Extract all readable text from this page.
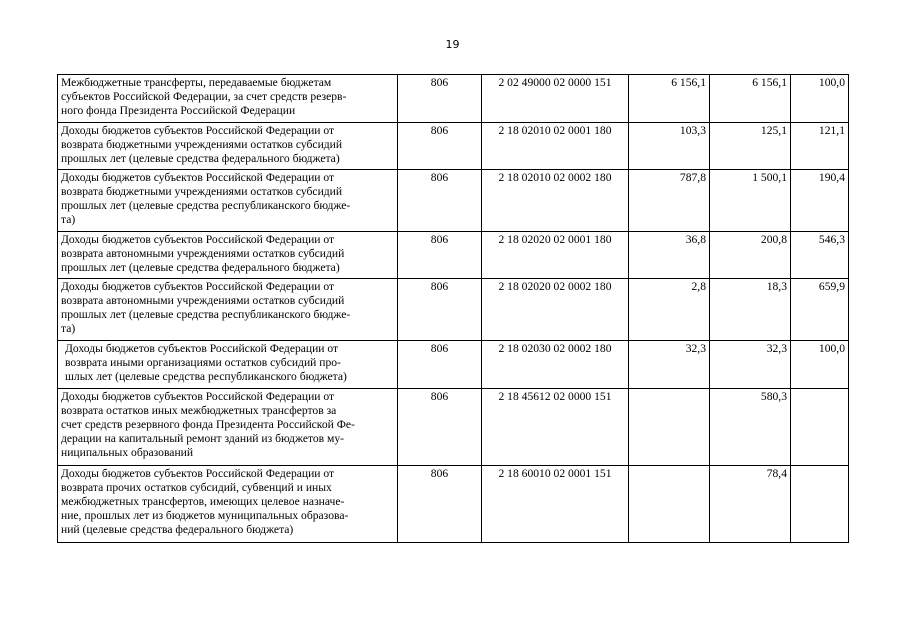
19
Межбюджетные трансферты, передаваемые бюджетам
субъектов Российской Федерации, за счет средств резерв-
ного фонда Президента Российской Федерации	806	2 02 49000 02 0000 151	6 156,1	6 156,1	100,0

Доходы бюджетов субъектов Российской Федерации от
возврата бюджетными учреждениями остатков субсидий
прошлых лет (целевые средства федерального бюджета)	806	2 18 02010 02 0001 180	103,3	125,1	121,1

Доходы бюджетов субъектов Российской Федерации от
возврата бюджетными учреждениями остатков субсидий
прошлых лет (целевые средства республиканского бюдже-
та)	806	2 18 02010 02 0002 180	787,8	1 500,1	190,4

Доходы бюджетов субъектов Российской Федерации от
возврата автономными учреждениями остатков субсидий
прошлых лет (целевые средства федерального бюджета)	806	2 18 02020 02 0001 180	36,8	200,8	546,3

Доходы бюджетов субъектов Российской Федерации от
возврата автономными учреждениями остатков субсидий
прошлых лет (целевые средства республиканского бюдже-
та)	806	2 18 02020 02 0002 180	2,8	18,3	659,9

Доходы бюджетов субъектов Российской Федерации от
возврата иными организациями остатков субсидий про-
шлых лет (целевые средства республиканского бюджета)	806	2 18 02030 02 0002 180	32,3	32,3	100,0

Доходы бюджетов субъектов Российской Федерации от
возврата остатков иных межбюджетных трансфертов за
счет средств резервного фонда Президента Российской Фе-
дерации на капитальный ремонт зданий из бюджетов му-
ниципальных образований	806	2 18 45612 02 0000 151		580,3	

Доходы бюджетов субъектов Российской Федерации от
возврата прочих остатков субсидий, субвенций и иных
межбюджетных трансфертов, имеющих целевое назначе-
ние, прошлых лет из бюджетов муниципальных образова-
ний (целевые средства федерального бюджета)	806	2 18 60010 02 0001 151		78,4	
